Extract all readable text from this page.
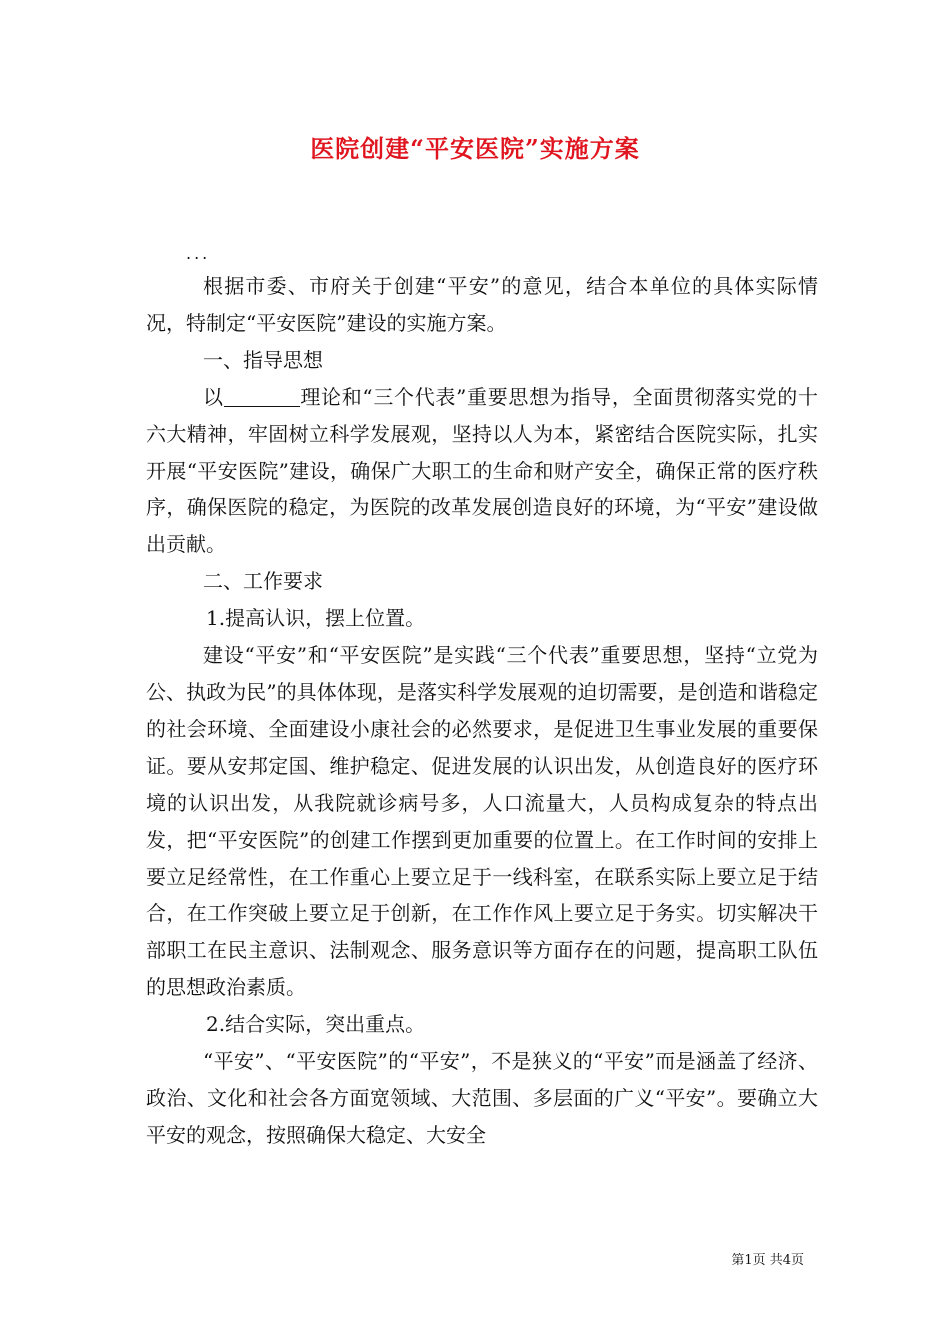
医院创建“平安医院”实施方案
...

根据市委、市府关于创建“平安”的意见，结合本单位的具体实际情况，特制定“平安医院”建设的实施方案。

一、指导思想

以	理论和“三个代表”重要思想为指导，全面贯彻落实党的十六大精神，牢固树立科学发展观，坚持以人为本，紧密结合医院实际，扎实开展“平安医院”建设，确保广大职工的生命和财产安全，确保正常的医疗秩序，确保医院的稳定，为医院的改革发展创造良好的环境，为“平安”建设做出贡献。

二、工作要求

1.提高认识，摆上位置。

建设“平安”和“平安医院”是实践“三个代表”重要思想，坚持“立党为公、执政为民”的具体体现，是落实科学发展观的迫切需要，是创造和谐稳定的社会环境、全面建设小康社会的必然要求，是促进卫生事业发展的重要保证。要从安邦定国、维护稳定、促进发展的认识出发，从创造良好的医疗环境的认识出发，从我院就诊病号多，人口流量大，人员构成复杂的特点出发，把“平安医院”的创建工作摆到更加重要的位置上。在工作时间的安排上要立足经常性，在工作重心上要立足于一线科室，在联系实际上要立足于结合，在工作突破上要立足于创新，在工作作风上要立足于务实。切实解决干部职工在民主意识、法制观念、服务意识等方面存在的问题，提高职工队伍的思想政治素质。

2.结合实际，突出重点。

“平安”、“平安医院”的“平安”，不是狭义的“平安”而是涵盖了经济、政治、文化和社会各方面宽领域、大范围、多层面的广义“平安”。要确立大平安的观念，按照确保大稳定、大安全

第1页 共4页
